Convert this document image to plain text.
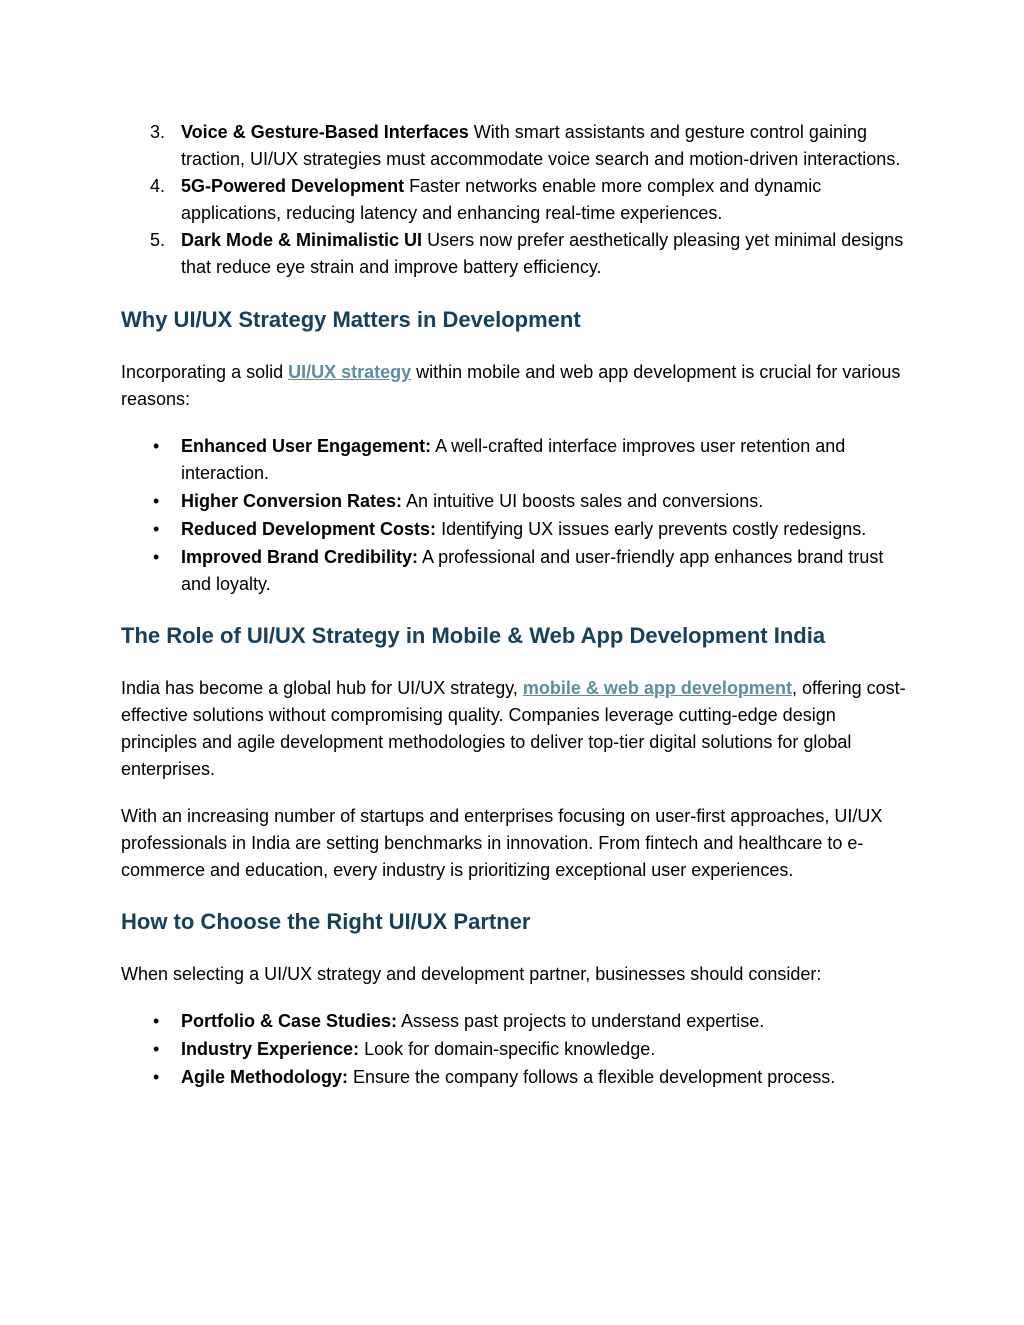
3. Voice & Gesture-Based Interfaces With smart assistants and gesture control gaining traction, UI/UX strategies must accommodate voice search and motion-driven interactions.
4. 5G-Powered Development Faster networks enable more complex and dynamic applications, reducing latency and enhancing real-time experiences.
5. Dark Mode & Minimalistic UI Users now prefer aesthetically pleasing yet minimal designs that reduce eye strain and improve battery efficiency.
Why UI/UX Strategy Matters in Development

Incorporating a solid UI/UX strategy within mobile and web app development is crucial for various reasons:

• Enhanced User Engagement: A well-crafted interface improves user retention and interaction.
• Higher Conversion Rates: An intuitive UI boosts sales and conversions.
• Reduced Development Costs: Identifying UX issues early prevents costly redesigns.
• Improved Brand Credibility: A professional and user-friendly app enhances brand trust and loyalty.
The Role of UI/UX Strategy in Mobile & Web App Development India

India has become a global hub for UI/UX strategy, mobile & web app development, offering cost-effective solutions without compromising quality. Companies leverage cutting-edge design principles and agile development methodologies to deliver top-tier digital solutions for global enterprises.

With an increasing number of startups and enterprises focusing on user-first approaches, UI/UX professionals in India are setting benchmarks in innovation. From fintech and healthcare to e-commerce and education, every industry is prioritizing exceptional user experiences.

How to Choose the Right UI/UX Partner

When selecting a UI/UX strategy and development partner, businesses should consider:

• Portfolio & Case Studies: Assess past projects to understand expertise.
• Industry Experience: Look for domain-specific knowledge.
• Agile Methodology: Ensure the company follows a flexible development process.
